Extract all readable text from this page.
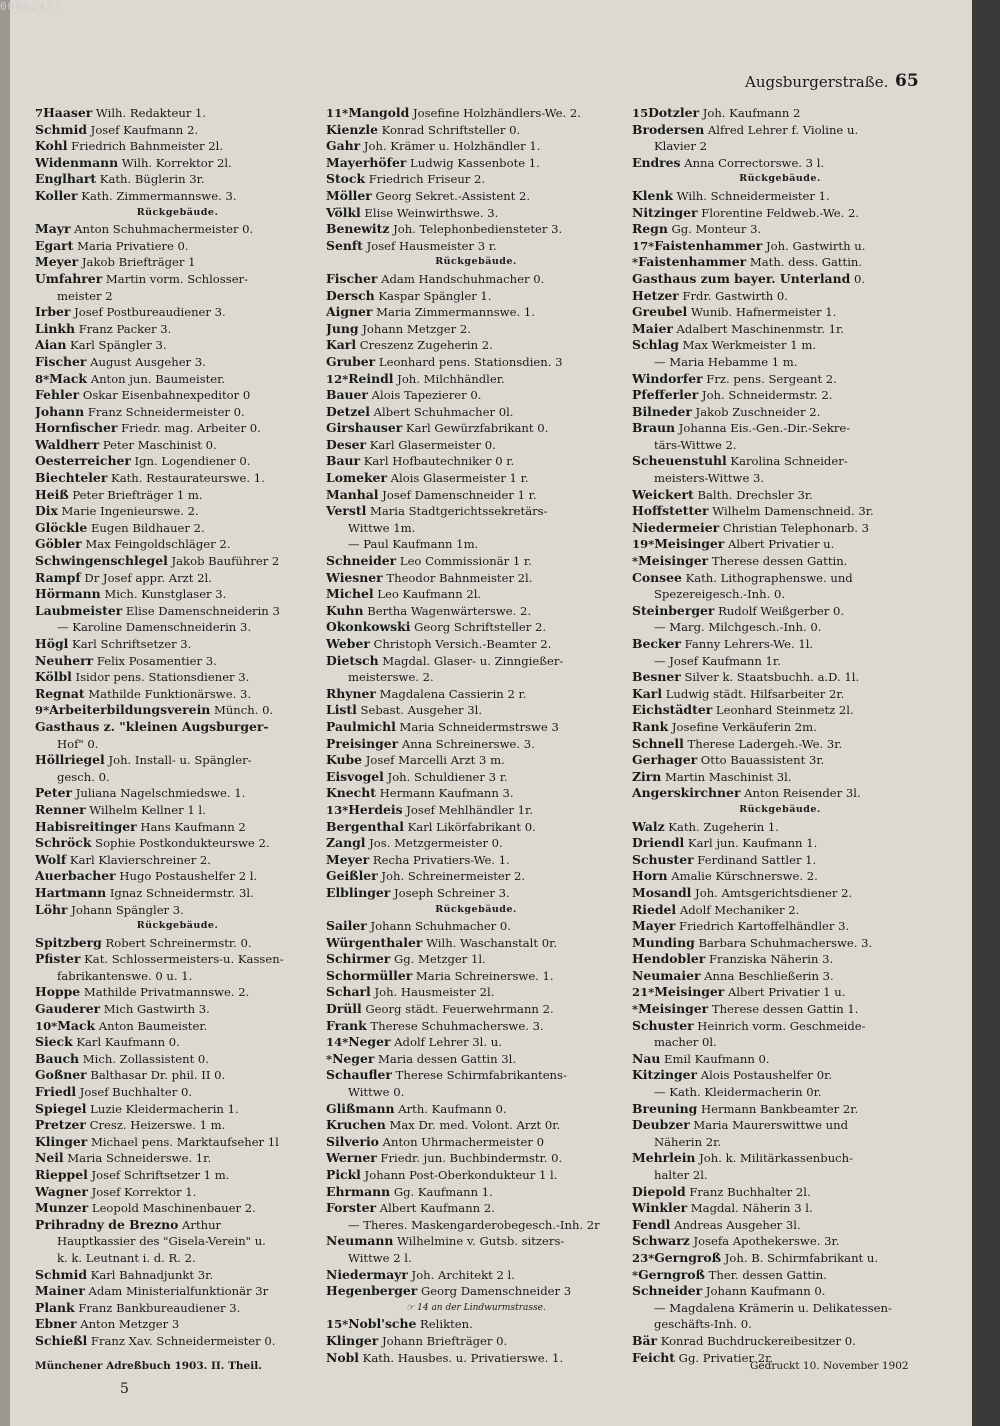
Augsburgerstraße. 65
7Haaser Wilh. Redakteur 1.
Schmid Josef Kaufmann 2.
Kohl Friedrich Bahnmeister 2l.
Widenmann Wilh. Korrektor 2l.
Englhart Kath. Büglerin 3r.
Koller Kath. Zimmermannswe. 3.
Rückgebäude.
Mayr Anton Schuhmachermeister 0.
Egart Maria Privatiere 0.
Meyer Jakob Briefträger 1
Umfahrer Martin vorm. Schlosser-
meister 2
Irber Josef Postbureaudiener 3.
Linkh Franz Packer 3.
Aian Karl Spängler 3.
Fischer August Ausgeher 3.
8*Mack Anton jun. Baumeister.
Fehler Oskar Eisenbahnexpeditor 0
Johann Franz Schneidermeister 0.
Hornfischer Friedr. mag. Arbeiter 0.
Waldherr Peter Maschinist 0.
Oesterreicher Ign. Logendiener 0.
Biechteler Kath. Restaurateurswe. 1.
Heiß Peter Briefträger 1 m.
Dix Marie Ingenieurswe. 2.
Glöckle Eugen Bildhauer 2.
Göbler Max Feingoldschläger 2.
Schwingenschlegel Jakob Bauführer 2
Rampf Dr Josef appr. Arzt 2l.
Hörmann Mich. Kunstglaser 3.
Laubmeister Elise Damenschneiderin 3
— Karoline Damenschneiderin 3.
Högl Karl Schriftsetzer 3.
Neuherr Felix Posamentier 3.
Kölbl Isidor pens. Stationsdiener 3.
Regnat Mathilde Funktionärswe. 3.
9*Arbeiterbildungsverein Münch. 0.
Gasthaus z. "kleinen Augsburger-
Hof" 0.
Höllriegel Joh. Install- u. Spängler-
gesch. 0.
Peter Juliana Nagelschmiedswe. 1.
Renner Wilhelm Kellner 1 l.
Habisreitinger Hans Kaufmann 2
Schröck Sophie Postkondukteurswe 2.
Wolf Karl Klavierschreiner 2.
Auerbacher Hugo Postaushelfer 2 l.
Hartmann Ignaz Schneidermstr. 3l.
Löhr Johann Spängler 3.
Rückgebäude.
Spitzberg Robert Schreinermstr. 0.
Pfister Kat. Schlossermeisters-u. Kassen-
fabrikantenswe. 0 u. 1.
Hoppe Mathilde Privatmannswe. 2.
Gauderer Mich Gastwirth 3.
10*Mack Anton Baumeister.
Sieck Karl Kaufmann 0.
Bauch Mich. Zollassistent 0.
Goßner Balthasar Dr. phil. II 0.
Friedl Josef Buchhalter 0.
Spiegel Luzie Kleidermacherin 1.
Pretzer Cresz. Heizerswe. 1 m.
Klinger Michael pens. Marktaufseher 1l
Neil Maria Schneiderswe. 1r.
Rieppel Josef Schriftsetzer 1 m.
Wagner Josef Korrektor 1.
Munzer Leopold Maschinenbauer 2.
Prihradny de Brezno Arthur
Hauptkassier des "Gisela-Verein" u.
k. k. Leutnant i. d. R. 2.
Schmid Karl Bahnadjunkt 3r.
Mainer Adam Ministerialfunktionär 3r
Plank Franz Bankbureaudiener 3.
Ebner Anton Metzger 3
Schießl Franz Xav. Schneidermeister 0.
11*Mangold Josefine Holzhändlers-We. 2.
Kienzle Konrad Schriftsteller 0.
Gahr Joh. Krämer u. Holzhändler 1.
Mayerhöfer Ludwig Kassenbote 1.
Stock Friedrich Friseur 2.
Möller Georg Sekret.-Assistent 2.
Völkl Elise Weinwirthswe. 3.
Benewitz Joh. Telephonbediensteter 3.
Senft Josef Hausmeister 3 r.
Rückgebäude.
Fischer Adam Handschuhmacher 0.
Dersch Kaspar Spängler 1.
Aigner Maria Zimmermannswe. 1.
Jung Johann Metzger 2.
Karl Creszenz Zugeherin 2.
Gruber Leonhard pens. Stationsdien. 3
12*Reindl Joh. Milchhändler.
Bauer Alois Tapezierer 0.
Detzel Albert Schuhmacher 0l.
Girshauser Karl Gewürzfabrikant 0.
Deser Karl Glasermeister 0.
Baur Karl Hofbautechniker 0 r.
Lomeker Alois Glasermeister 1 r.
Manhal Josef Damenschneider 1 r.
Verstl Maria Stadtgerichtssekretärs-
Wittwe 1m.
— Paul Kaufmann 1m.
Schneider Leo Commissionär 1 r.
Wiesner Theodor Bahnmeister 2l.
Michel Leo Kaufmann 2l.
Kuhn Bertha Wagenwärterswe. 2.
Okonkowski Georg Schriftsteller 2.
Weber Christoph Versich.-Beamter 2.
Dietsch Magdal. Glaser- u. Zinngießer-
meisterswe. 2.
Rhyner Magdalena Cassierin 2 r.
Listl Sebast. Ausgeher 3l.
Paulmichl Maria Schneidermstrswe 3
Preisinger Anna Schreinerswe. 3.
Kube Josef Marcelli Arzt 3 m.
Eisvogel Joh. Schuldiener 3 r.
Knecht Hermann Kaufmann 3.
13*Herdeis Josef Mehlhändler 1r.
Bergenthal Karl Likörfabrikant 0.
Zangl Jos. Metzgermeister 0.
Meyer Recha Privatiers-We. 1.
Geißler Joh. Schreinermeister 2.
Elblinger Joseph Schreiner 3.
Rückgebäude.
Sailer Johann Schuhmacher 0.
Würgenthaler Wilh. Waschanstalt 0r.
Schirmer Gg. Metzger 1l.
Schormüller Maria Schreinerswe. 1.
Scharl Joh. Hausmeister 2l.
Drüll Georg städt. Feuerwehrmann 2.
Frank Therese Schuhmacherswe. 3.
14*Neger Adolf Lehrer 3l. u.
*Neger Maria dessen Gattin 3l.
Schaufler Therese Schirmfabrikantens-
Wittwe 0.
Glißmann Arth. Kaufmann 0.
Kruchen Max Dr. med. Volont. Arzt 0r.
Silverio Anton Uhrmachermeister 0
Werner Friedr. jun. Buchbindermstr. 0.
Pickl Johann Post-Oberkondukteur 1 l.
Ehrmann Gg. Kaufmann 1.
Forster Albert Kaufmann 2.
— Theres. Maskengarderobegesch.-Inh. 2r
Neumann Wilhelmine v. Gutsb. sitzers-
Wittwe 2 l.
Niedermayr Joh. Architekt 2 l.
Hegenberger Georg Damenschneider 3
☞ 14 an der Lindwurmstrasse.
15*Nobl'sche Relikten.
Klinger Johann Briefträger 0.
Nobl Kath. Hausbes. u. Privatierswe. 1.
15Dotzler Joh. Kaufmann 2
Brodersen Alfred Lehrer f. Violine u.
Klavier 2
Endres Anna Correctorswe. 3 l.
Rückgebäude.
Klenk Wilh. Schneidermeister 1.
Nitzinger Florentine Feldweb.-We. 2.
Regn Gg. Monteur 3.
17*Faistenhammer Joh. Gastwirth u.
*Faistenhammer Math. dess. Gattin.
Gasthaus zum bayer. Unterland 0.
Hetzer Frdr. Gastwirth 0.
Greubel Wunib. Hafnermeister 1.
Maier Adalbert Maschinenmstr. 1r.
Schlag Max Werkmeister 1 m.
— Maria Hebamme 1 m.
Windorfer Frz. pens. Sergeant 2.
Pfefferler Joh. Schneidermstr. 2.
Bilneder Jakob Zuschneider 2.
Braun Johanna Eis.-Gen.-Dir.-Sekre-
tärs-Wittwe 2.
Scheuenstuhl Karolina Schneider-
meisters-Wittwe 3.
Weickert Balth. Drechsler 3r.
Hoffstetter Wilhelm Damenschneid. 3r.
Niedermeier Christian Telephonarb. 3
19*Meisinger Albert Privatier u.
*Meisinger Therese dessen Gattin.
Consee Kath. Lithographenswe. und
Spezereigesch.-Inh. 0.
Steinberger Rudolf Weißgerber 0.
— Marg. Milchgesch.-Inh. 0.
Becker Fanny Lehrers-We. 1l.
— Josef Kaufmann 1r.
Besner Silver k. Staatsbuchh. a.D. 1l.
Karl Ludwig städt. Hilfsarbeiter 2r.
Eichstädter Leonhard Steinmetz 2l.
Rank Josefine Verkäuferin 2m.
Schnell Therese Ladergeh.-We. 3r.
Gerhager Otto Bauassistent 3r.
Zirn Martin Maschinist 3l.
Angerskirchner Anton Reisender 3l.
Rückgebäude.
Walz Kath. Zugeherin 1.
Driendl Karl jun. Kaufmann 1.
Schuster Ferdinand Sattler 1.
Horn Amalie Kürschnerswe. 2.
Mosandl Joh. Amtsgerichtsdiener 2.
Riedel Adolf Mechaniker 2.
Mayer Friedrich Kartoffelhändler 3.
Munding Barbara Schuhmacherswe. 3.
Hendobler Franziska Näherin 3.
Neumaier Anna Beschließerin 3.
21*Meisinger Albert Privatier 1 u.
*Meisinger Therese dessen Gattin 1.
Schuster Heinrich vorm. Geschmeide-
macher 0l.
Nau Emil Kaufmann 0.
Kitzinger Alois Postaushelfer 0r.
— Kath. Kleidermacherin 0r.
Breuning Hermann Bankbeamter 2r.
Deubzer Maria Maurerswittwe und
Näherin 2r.
Mehrlein Joh. k. Militärkassenbuch-
halter 2l.
Diepold Franz Buchhalter 2l.
Winkler Magdal. Näherin 3 l.
Fendl Andreas Ausgeher 3l.
Schwarz Josefa Apothekerswe. 3r.
23*Gerngroß Joh. B. Schirmfabrikant u.
*Gerngroß Ther. dessen Gattin.
Schneider Johann Kaufmann 0.
— Magdalena Krämerin u. Delikatessen-
geschäfts-Inh. 0.
Bär Konrad Buchdruckereibesitzer 0.
Feicht Gg. Privatier 2r.
Münchener Adreßbuch 1903. II. Theil.
5
Gedruckt 10. November 1902
00092427
